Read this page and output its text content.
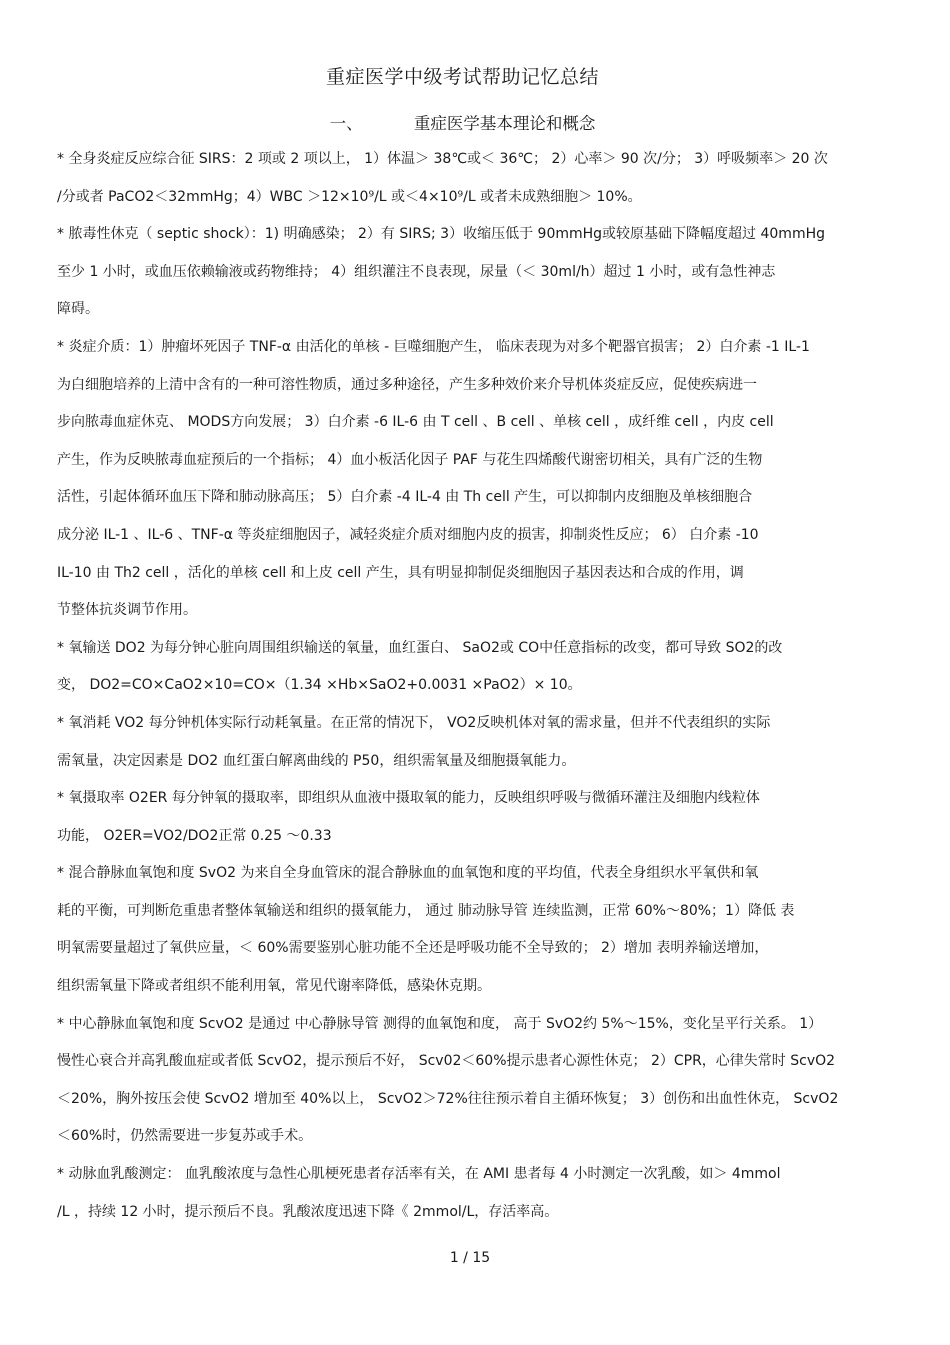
重症医学中级考试帮助记忆总结
一、	重症医学基本理论和概念
* 全身炎症反应综合征 SIRS：2 项或 2 项以上， 1）体温＞ 38℃或＜ 36℃； 2）心率＞ 90 次/分； 3）呼吸频率＞ 20 次
/分或者 PaCO2＜32mmHg；4）WBC ＞12×10⁹/L 或＜4×10⁹/L 或者未成熟细胞＞ 10%。
* 脓毒性休克（ septic shock）：1) 明确感染； 2）有 SIRS; 3）收缩压低于 90mmHg或较原基础下降幅度超过 40mmHg
至少 1 小时，或血压依赖输液或药物维持； 4）组织灌注不良表现，尿量（＜ 30ml/h）超过 1 小时，或有急性神志
障碍。
* 炎症介质：1）肿瘤坏死因子 TNF-α 由活化的单核 - 巨噬细胞产生， 临床表现为对多个靶器官损害； 2）白介素 -1 IL-1
为白细胞培养的上清中含有的一种可溶性物质，通过多种途径，产生多种效价来介导机体炎症反应，促使疾病进一
步向脓毒血症休克、 MODS方向发展； 3）白介素 -6 IL-6 由 T cell 、B cell 、单核 cell ，成纤维 cell ，内皮 cell
产生，作为反映脓毒血症预后的一个指标； 4）血小板活化因子 PAF 与花生四烯酸代谢密切相关，具有广泛的生物
活性，引起体循环血压下降和肺动脉高压； 5）白介素 -4 IL-4 由 Th cell 产生，可以抑制内皮细胞及单核细胞合
成分泌 IL-1 、IL-6 、TNF-α 等炎症细胞因子，减轻炎症介质对细胞内皮的损害，抑制炎性反应； 6） 白介素 -10
IL-10 由 Th2 cell ，活化的单核 cell 和上皮 cell 产生，具有明显抑制促炎细胞因子基因表达和合成的作用，调
节整体抗炎调节作用。
* 氧输送 DO2 为每分钟心脏向周围组织输送的氧量，血红蛋白、 SaO2或 CO中任意指标的改变，都可导致 SO2的改
变， DO2=CO×CaO2×10=CO×（1.34 ×Hb×SaO2+0.0031 ×PaO2）× 10。
* 氧消耗 VO2 每分钟机体实际行动耗氧量。在正常的情况下， VO2反映机体对氧的需求量，但并不代表组织的实际
需氧量，决定因素是 DO2 血红蛋白解离曲线的 P50，组织需氧量及细胞摄氧能力。
* 氧摄取率 O2ER 每分钟氧的摄取率，即组织从血液中摄取氧的能力，反映组织呼吸与微循环灌注及细胞内线粒体
功能， O2ER=VO2/DO2正常 0.25 ～0.33
* 混合静脉血氧饱和度 SvO2 为来自全身血管床的混合静脉血的血氧饱和度的平均值，代表全身组织水平氧供和氧
耗的平衡，可判断危重患者整体氧输送和组织的摄氧能力， 通过 肺动脉导管 连续监测，正常 60%～80%；1）降低 表
明氧需要量超过了氧供应量，＜ 60%需要鉴别心脏功能不全还是呼吸功能不全导致的； 2）增加 表明养输送增加，
组织需氧量下降或者组织不能利用氧，常见代谢率降低，感染休克期。
* 中心静脉血氧饱和度 ScvO2 是通过 中心静脉导管 测得的血氧饱和度， 高于 SvO2约 5%～15%，变化呈平行关系。 1）
慢性心衰合并高乳酸血症或者低 ScvO2，提示预后不好， Scv02＜60%提示患者心源性休克； 2）CPR，心律失常时 ScvO2
＜20%，胸外按压会使 ScvO2 增加至 40%以上， ScvO2＞72%往往预示着自主循环恢复； 3）创伤和出血性休克， ScvO2
＜60%时，仍然需要进一步复苏或手术。
* 动脉血乳酸测定： 血乳酸浓度与急性心肌梗死患者存活率有关，在 AMI 患者每 4 小时测定一次乳酸，如＞ 4mmol
/L ，持续 12 小时，提示预后不良。乳酸浓度迅速下降《 2mmol/L，存活率高。
1 / 15
